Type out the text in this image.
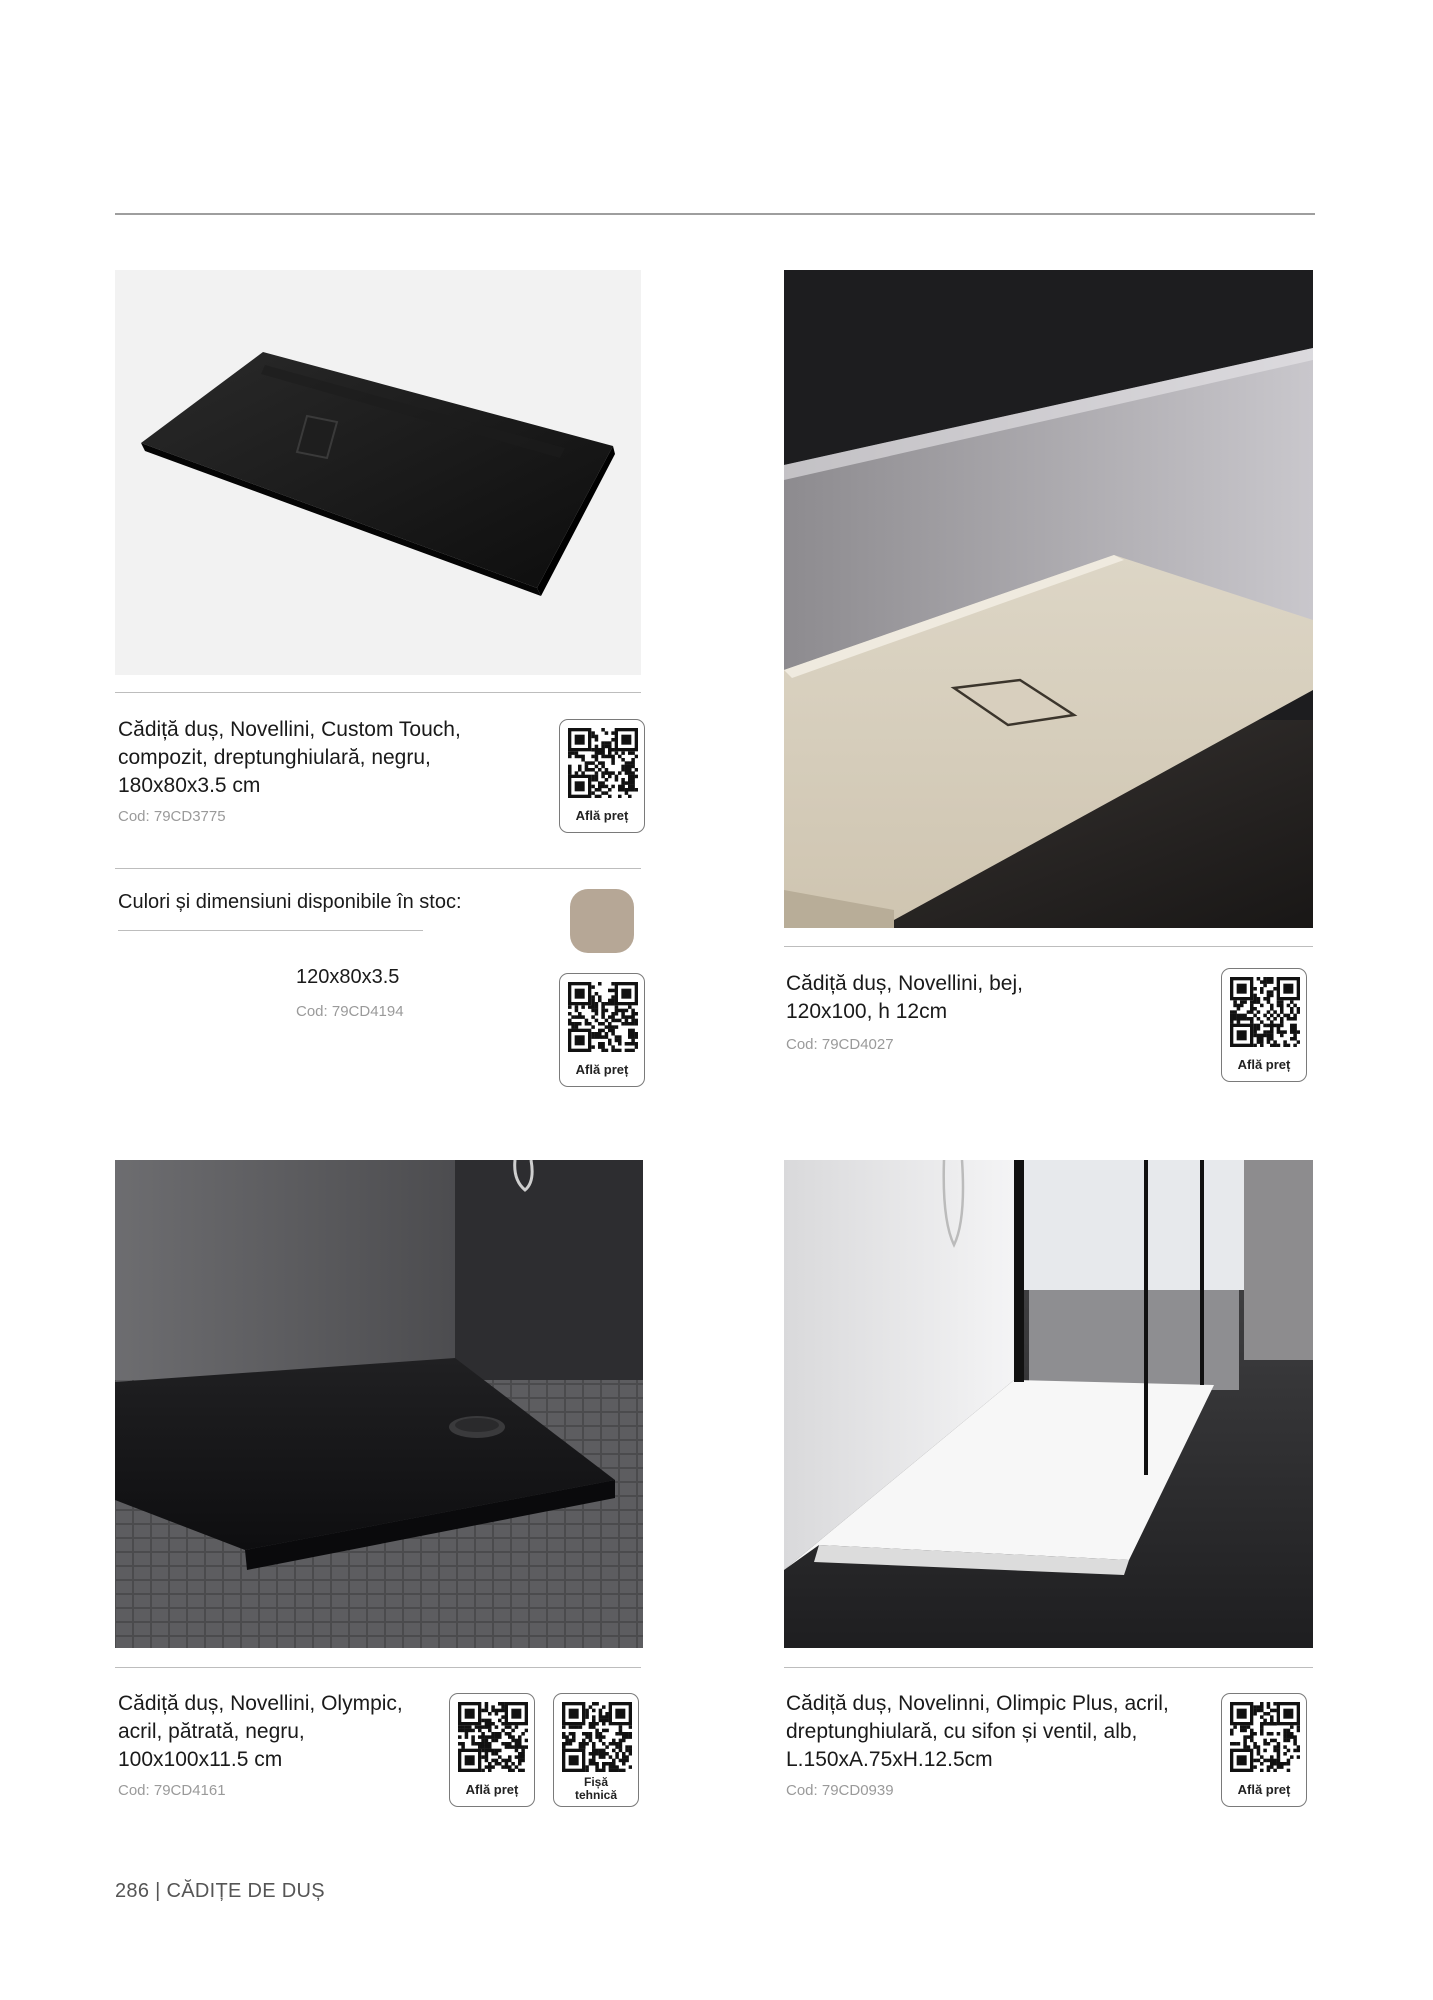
Cădiță duș, Novellini, Custom Touch,
compozit, dreptunghiulară, negru,
180x80x3.5 cm
Cod: 79CD3775	Află preț
Culori și dimensiuni disponibile în stoc:
120x80x3.5
Cod: 79CD4194
Află preț
Cădiță duș, Novellini, bej,
120x100, h 12cm
Cod: 79CD4027
Află preț
Cădiță duș, Novellini, Olympic,
acril, pătrată, negru,
100x100x11.5 cm
Cod: 79CD4161	Află preț	Fișă
tehnică
Cădiță duș, Novelinni, Olimpic Plus, acril,
dreptunghiulară, cu sifon și ventil, alb,
L.150xA.75xH.12.5cm
Cod: 79CD0939	Află preț
286 | CĂDIȚE DE DUȘ
